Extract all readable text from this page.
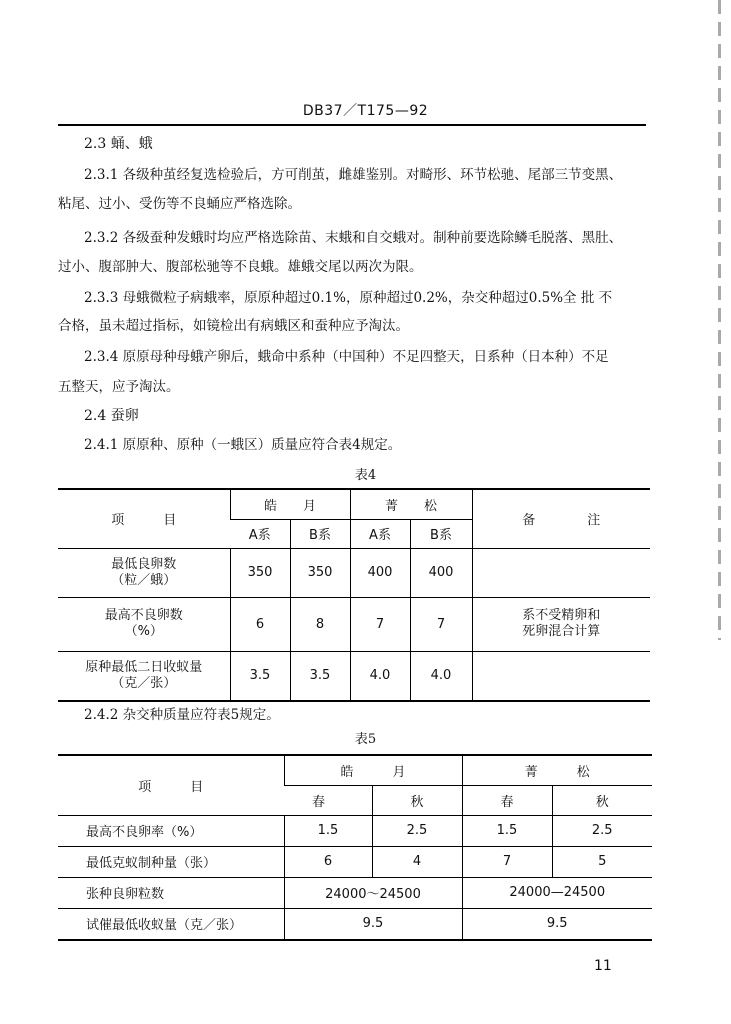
DB37／T175—92
2.3 蛹、蛾
2.3.1 各级种茧经复选检验后，方可削茧，雌雄鉴别。对畸形、环节松驰、尾部三节变黑、
粘尾、过小、受伤等不良蛹应严格选除。
2.3.2 各级蚕种发蛾时均应严格选除苗、末蛾和自交蛾对。制种前要选除鳞毛脱落、黑肚、
过小、腹部肿大、腹部松驰等不良蛾。雄蛾交尾以两次为限。
2.3.3 母蛾微粒子病蛾率，原原种超过0.1%，原种超过0.2%，杂交种超过0.5%全 批 不
合格，虽未超过指标，如镜检出有病蛾区和蚕种应予淘汰。
2.3.4 原原母种母蛾产卵后，蛾命中系种（中国种）不足四整天，日系种（日本种）不足
五整天，应予淘汰。
2.4 蚕卵
2.4.1 原原种、原种（一蛾区）质量应符合表4规定。
表4
项　　　目	皓　　月		菁　　松		备　　　　注
	A系	B系	A系	B系	
最低良卵数
（粒／蛾）	350	350	400	400	
最高不良卵数
（%）	6	8	7	7	系不受精卵和
死卵混合计算
原种最低二日收蚁量
（克／张）	3.5	3.5	4.0	4.0	
2.4.2 杂交种质量应符表5规定。
表5
项　　　目	皓　　　月		菁　　　松	
	春	秋	春	秋
最高不良卵率（%）	1.5	2.5	1.5	2.5
最低克蚁制种量（张）	6	4	7	5
张种良卵粒数	24000～24500		24000—24500	
试催最低收蚁量（克／张）	9.5		9.5	
11
